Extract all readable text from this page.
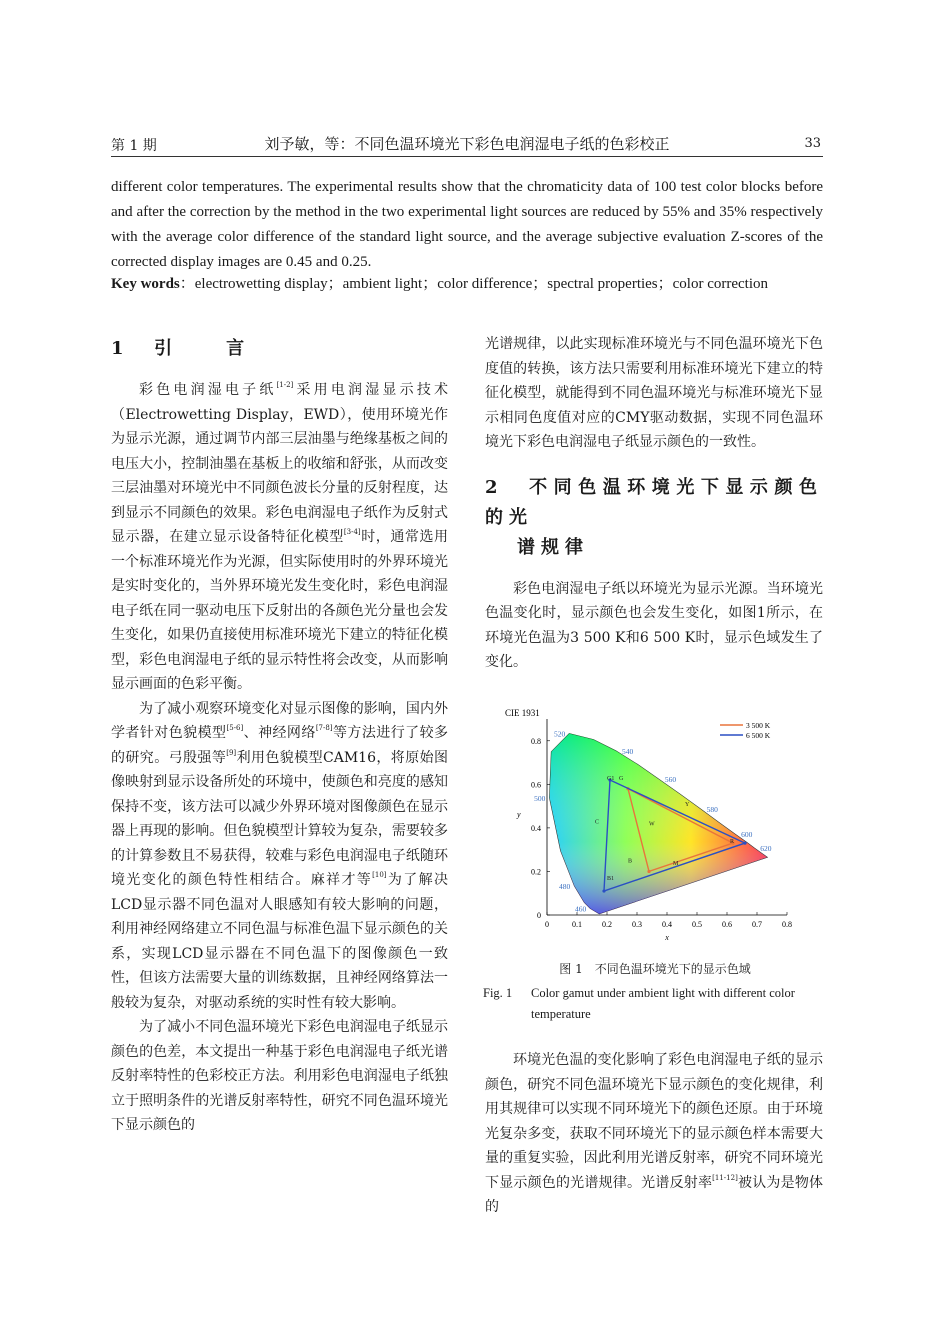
第 1 期	刘予敏，等：不同色温环境光下彩色电润湿电子纸的色彩校正	33
different color temperatures. The experimental results show that the chromaticity data of 100 test color blocks before and after the correction by the method in the two experimental light sources are reduced by 55% and 35% respectively with the average color difference of the standard light source, and the average subjective evaluation Z-scores of the corrected display images are 0.45 and 0.25.
Key words：electrowetting display；ambient light；color difference；spectral properties；color correction
1 引　　言

彩色电润湿电子纸[1-2]采用电润湿显示技术（Electrowetting Display，EWD），使用环境光作为显示光源，通过调节内部三层油墨与绝缘基板之间的电压大小，控制油墨在基板上的收缩和舒张，从而改变三层油墨对环境光中不同颜色波长分量的反射程度，达到显示不同颜色的效果。彩色电润湿电子纸作为反射式显示器，在建立显示设备特征化模型[3-4]时，通常选用一个标准环境光作为光源，但实际使用时的外界环境光是实时变化的，当外界环境光发生变化时，彩色电润湿电子纸在同一驱动电压下反射出的各颜色光分量也会发生变化，如果仍直接使用标准环境光下建立的特征化模型，彩色电润湿电子纸的显示特性将会改变，从而影响显示画面的色彩平衡。

为了减小观察环境变化对显示图像的影响，国内外学者针对色貌模型[5-6]、神经网络[7-8]等方法进行了较多的研究。弓殷强等[9]利用色貌模型CAM16，将原始图像映射到显示设备所处的环境中，使颜色和亮度的感知保持不变，该方法可以减少外界环境对图像颜色在显示器上再现的影响。但色貌模型计算较为复杂，需要较多的计算参数且不易获得，较难与彩色电润湿电子纸随环境光变化的颜色特性相结合。麻祥才等[10]为了解决LCD显示器不同色温对人眼感知有较大影响的问题，利用神经网络建立不同色温与标准色温下显示颜色的关系，实现LCD显示器在不同色温下的图像颜色一致性，但该方法需要大量的训练数据，且神经网络算法一般较为复杂，对驱动系统的实时性有较大影响。

为了减小不同色温环境光下彩色电润湿电子纸显示颜色的色差，本文提出一种基于彩色电润湿电子纸光谱反射率特性的色彩校正方法。利用彩色电润湿电子纸独立于照明条件的光谱反射率特性，研究不同色温环境光下显示颜色的

光谱规律，以此实现标准环境光与不同色温环境光下色度值的转换，该方法只需要利用标准环境光下建立的特征化模型，就能得到不同色温环境光与标准环境光下显示相同色度值对应的CMY驱动数据，实现不同色温环境光下彩色电润湿电子纸显示颜色的一致性。

2 不同色温环境光下显示颜色的光
谱规律

彩色电润湿电子纸以环境光为显示光源。当环境光色温变化时，显示颜色也会发生变化，如图1所示，在环境光色温为3 500 K和6 500 K时，显示色域发生了变化。

0	0.1	0.2	0.3	0.4	0.5	0.6	0.7	0.8
0
0.2
0.4
0.6
0.8
x
y
CIE 1931
460
480
500
520
540
560
580
600
620
G1 G
C
Y
W
R
B	M
B1
3 500 K
6 500 K
图 1　不同色温环境光下的显示色域
Fig. 1 Color gamut under ambient light with different color temperature

环境光色温的变化影响了彩色电润湿电子纸的显示颜色，研究不同色温环境光下显示颜色的变化规律，利用其规律可以实现不同环境光下的颜色还原。由于环境光复杂多变，获取不同环境光下的显示颜色样本需要大量的重复实验，因此利用光谱反射率，研究不同环境光下显示颜色的光谱规律。光谱反射率[11-12]被认为是物体的
